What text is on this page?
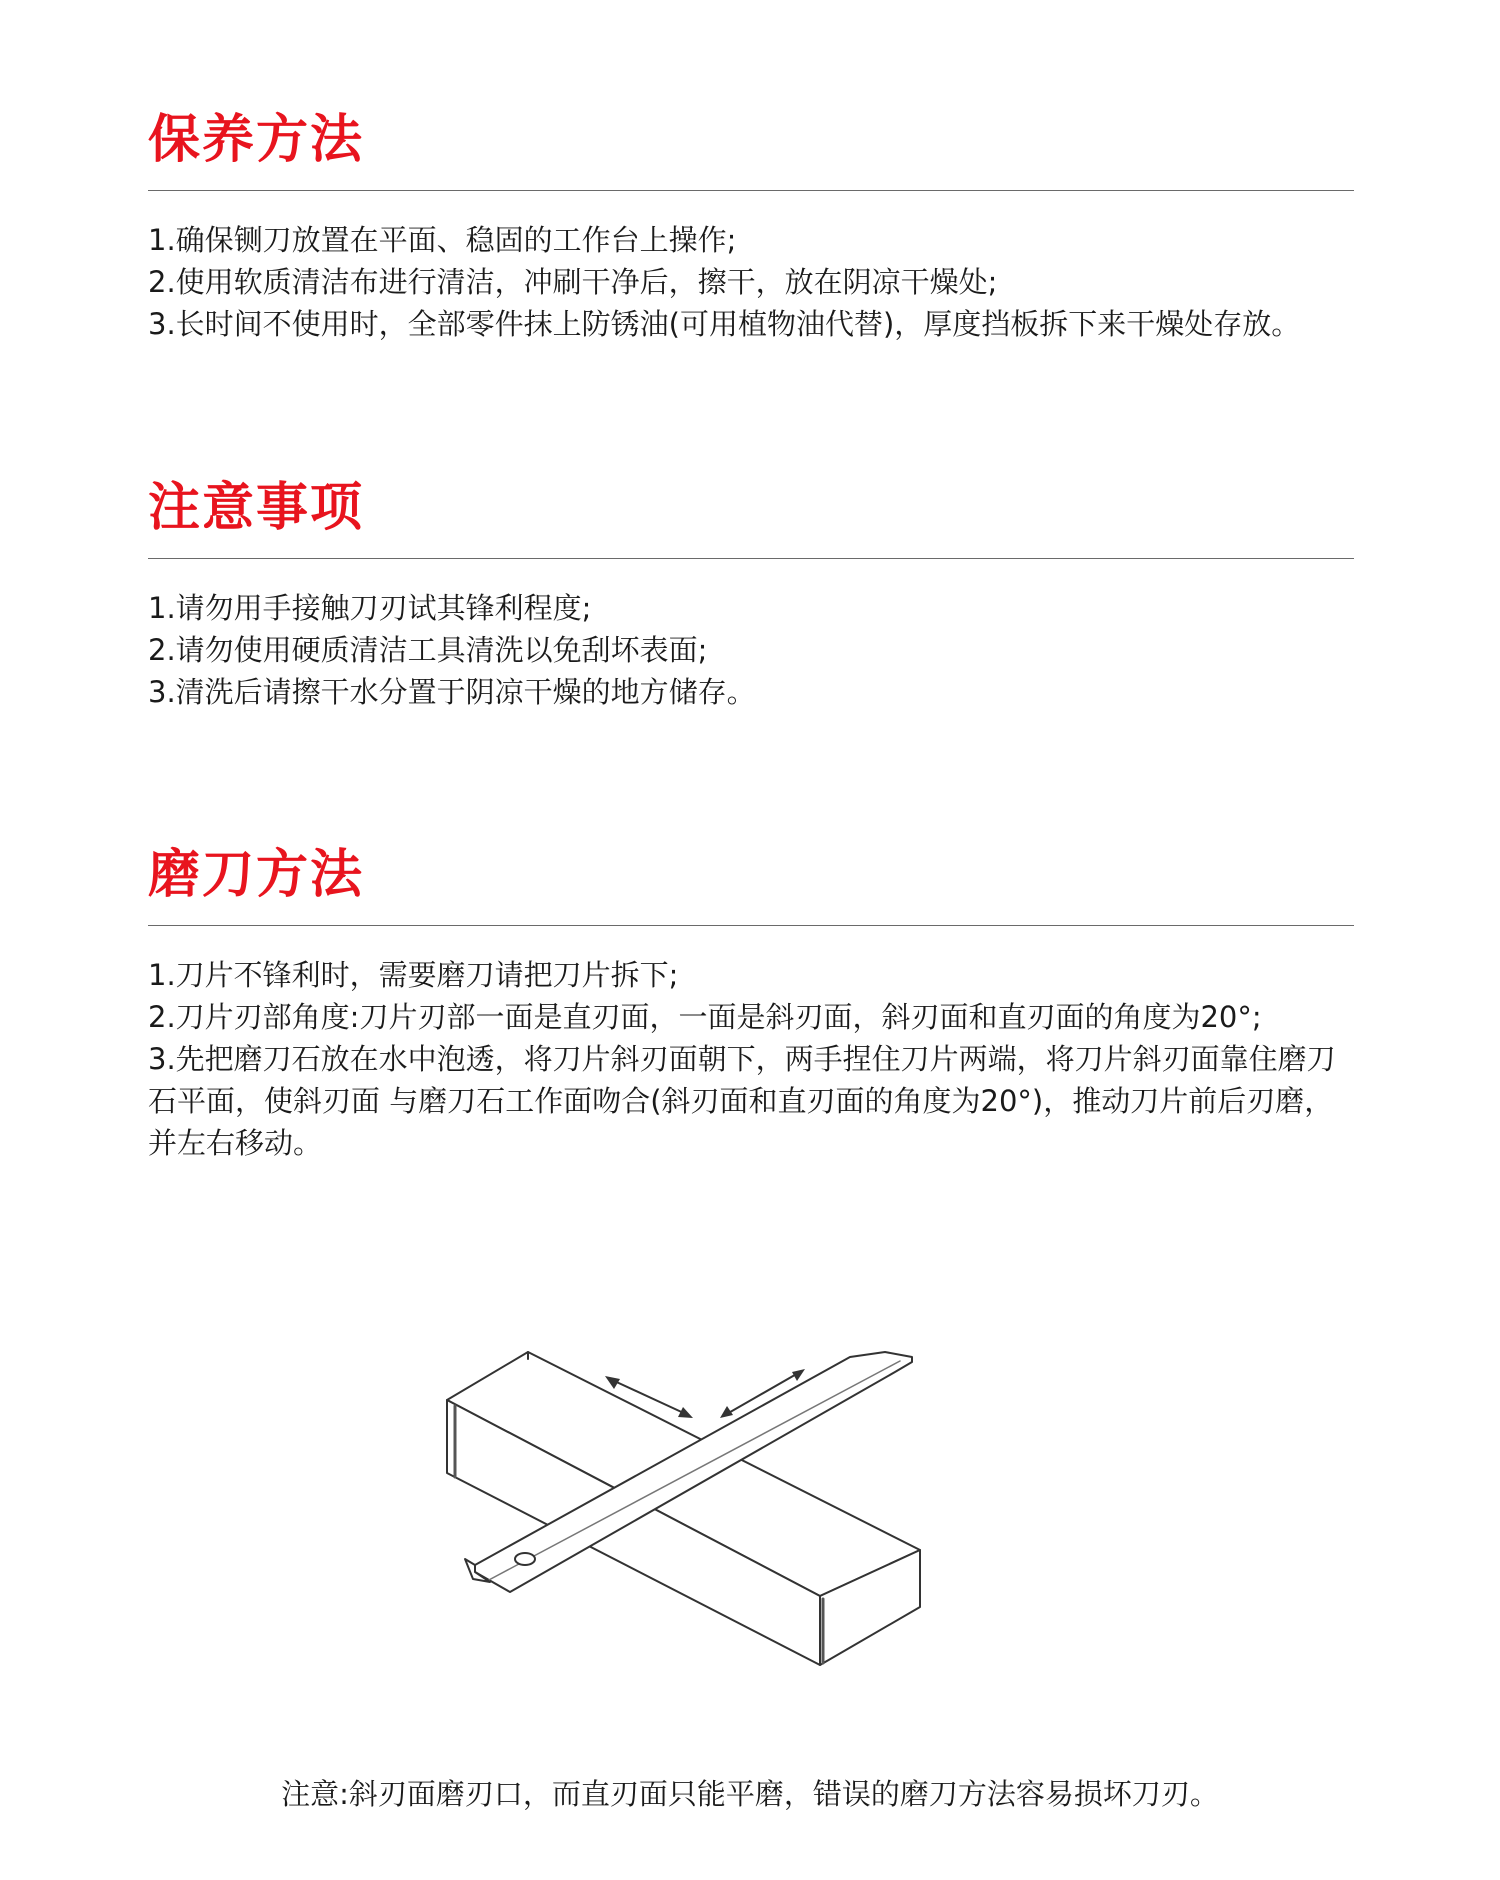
保养方法

1.确保铡刀放置在平面、稳固的工作台上操作;

2.使用软质清洁布进行清洁，冲刷干净后，擦干，放在阴凉干燥处;

3.长时间不使用时，全部零件抹上防锈油(可用植物油代替)，厚度挡板拆下来干燥处存放。

注意事项

1.请勿用手接触刀刃试其锋利程度;

2.请勿使用硬质清洁工具清洗以免刮坏表面;

3.清洗后请擦干水分置于阴凉干燥的地方储存。

磨刀方法

1.刀片不锋利时，需要磨刀请把刀片拆下;

2.刀片刃部角度:刀片刃部一面是直刃面，一面是斜刃面，斜刃面和直刃面的角度为20°;

3.先把磨刀石放在水中泡透，将刀片斜刃面朝下，两手捏住刀片两端，将刀片斜刃面靠住磨刀石平面，使斜刃面 与磨刀石工作面吻合(斜刃面和直刃面的角度为20°)，推动刀片前后刃磨，并左右移动。

注意:斜刃面磨刃口，而直刃面只能平磨，错误的磨刀方法容易损坏刀刃。
